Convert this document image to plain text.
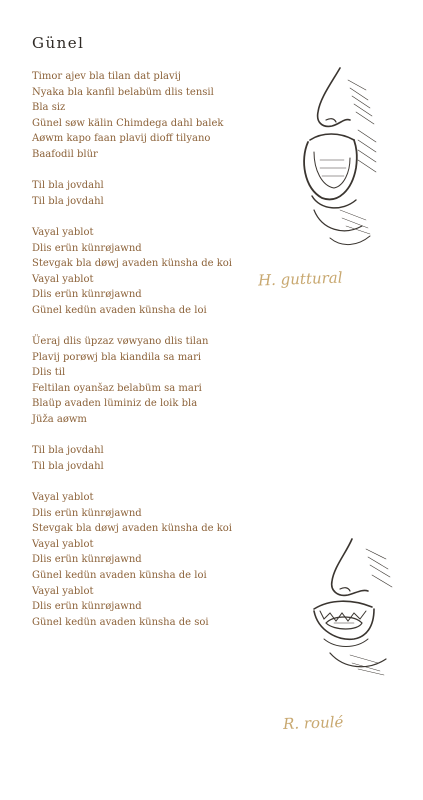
Günel
Timor ajev bla tilan dat plavij
Nyaka bla kanfil belabüm dlis tensil
Bla siz
Günel søw kälin Chimdega dahl balek
Aøwm kapo faan plavij dioff tilyano
Baafodil blür
Til bla jovdahl
Til bla jovdahl
Vayal yablot
Dlis erün künrøjawnd
Stevgak bla døwj avaden künsha de koi
Vayal yablot
Dlis erün künrøjawnd
Günel kedün avaden künsha de loi
Üeraj dlis üpzaz vøwyano dlis tilan
Plavij porøwj bla kiandila sa mari
Dlis til
Feltilan oyanšaz belabüm sa mari
Blaüp avaden lüminiz de loik bla
Jüža aøwm
Til bla jovdahl
Til bla jovdahl
Vayal yablot
Dlis erün künrøjawnd
Stevgak bla døwj avaden künsha de koi
Vayal yablot
Dlis erün künrøjawnd
Günel kedün avaden künsha de loi
Vayal yablot
Dlis erün künrøjawnd
Günel kedün avaden künsha de soi
H. guttural
R. roulé
